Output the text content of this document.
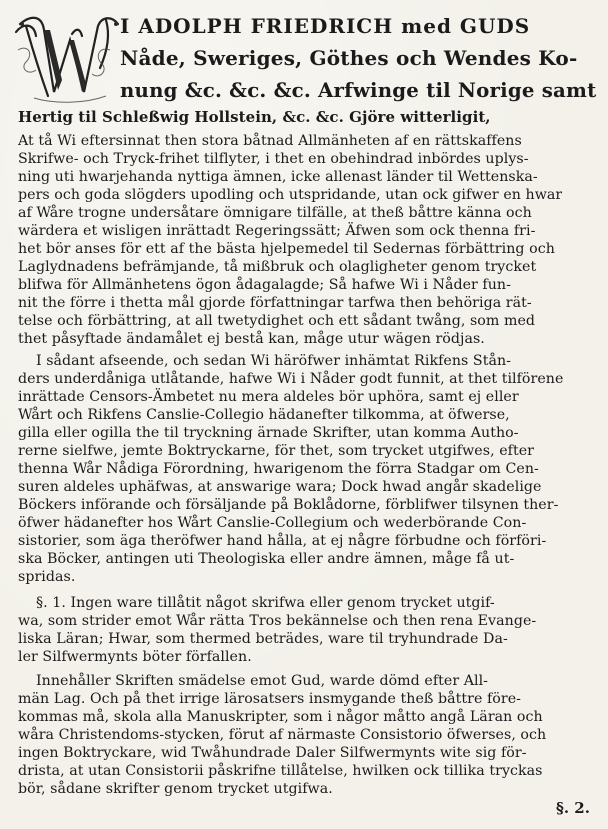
I ADOLPH FRIEDRICH med GUDS
Nåde, Sweriges, Göthes och Wendes Ko-
nung &c. &c. &c. Arfwinge til Norige samt
Hertig til Schleßwig Hollstein, &c. &c. Gjöre witterligit,
At tå Wi eftersinnat then stora båtnad Allmänheten af en rättskaffens
Skrifwe- och Tryck-frihet tilflyter, i thet en obehindrad inbördes uplys-
ning uti hwarjehanda nyttiga ämnen, icke allenast länder til Wettenska-
pers och goda slögders upodling och utspridande, utan ock gifwer en hwar
af Wåre trogne undersåtare ömnigare tilfälle, at theß båttre känna och
wärdera et wisligen inrättadt Regeringssätt; Äfwen som ock thenna fri-
het bör anses för ett af the bästa hjelpemedel til Sedernas förbättring och
Laglydnadens befrämjande, tå mißbruk och olagligheter genom trycket
blifwa för Allmänhetens ögon ådagalagde; Så hafwe Wi i Nåder fun-
nit the förre i thetta mål gjorde författningar tarfwa then behöriga rät-
telse och förbättring, at all twetydighet och ett sådant twång, som med
thet påsyftade ändamålet ej bestå kan, måge utur wägen rödjas.
I sådant afseende, och sedan Wi häröfwer inhämtat Rikfens Stån-
ders underdåniga utlåtande, hafwe Wi i Nåder godt funnit, at thet tilförene
inrättade Censors-Ämbetet nu mera aldeles bör uphöra, samt ej eller
Wårt och Rikfens Canslie-Collegio hädanefter tilkomma, at öfwerse,
gilla eller ogilla the til tryckning ärnade Skrifter, utan komma Autho-
rerne sielfwe, jemte Boktryckarne, för thet, som trycket utgifwes, efter
thenna Wår Nådiga Förordning, hwarigenom the förra Stadgar om Cen-
suren aldeles uphäfwas, at answarige wara; Dock hwad angår skadelige
Böckers införande och försäljande på Boklådorne, förblifwer tilsynen ther-
öfwer hädanefter hos Wårt Canslie-Collegium och wederbörande Con-
sistorier, som äga theröfwer hand hålla, at ej någre förbudne och förföri-
ska Böcker, antingen uti Theologiska eller andre ämnen, måge få ut-
spridas.
§. 1. Ingen ware tillåtit något skrifwa eller genom trycket utgif-
wa, som strider emot Wår rätta Tros bekännelse och then rena Evange-
liska Läran; Hwar, som thermed beträdes, ware til tryhundrade Da-
ler Silfwermynts böter förfallen.
Innehåller Skriften smädelse emot Gud, warde dömd efter All-
män Lag. Och på thet irrige lärosatsers insmygande theß båttre före-
kommas må, skola alla Manuskripter, som i någor måtto angå Läran och
wåra Christendoms-stycken, förut af närmaste Consistorio öfwerses, och
ingen Boktryckare, wid Twåhundrade Daler Silfwermynts wite sig för-
dristа, at utan Consistorii påskrifne tillåtelse, hwilken ock tillika tryckas
bör, sådane skrifter genom trycket utgifwa.
§. 2.
